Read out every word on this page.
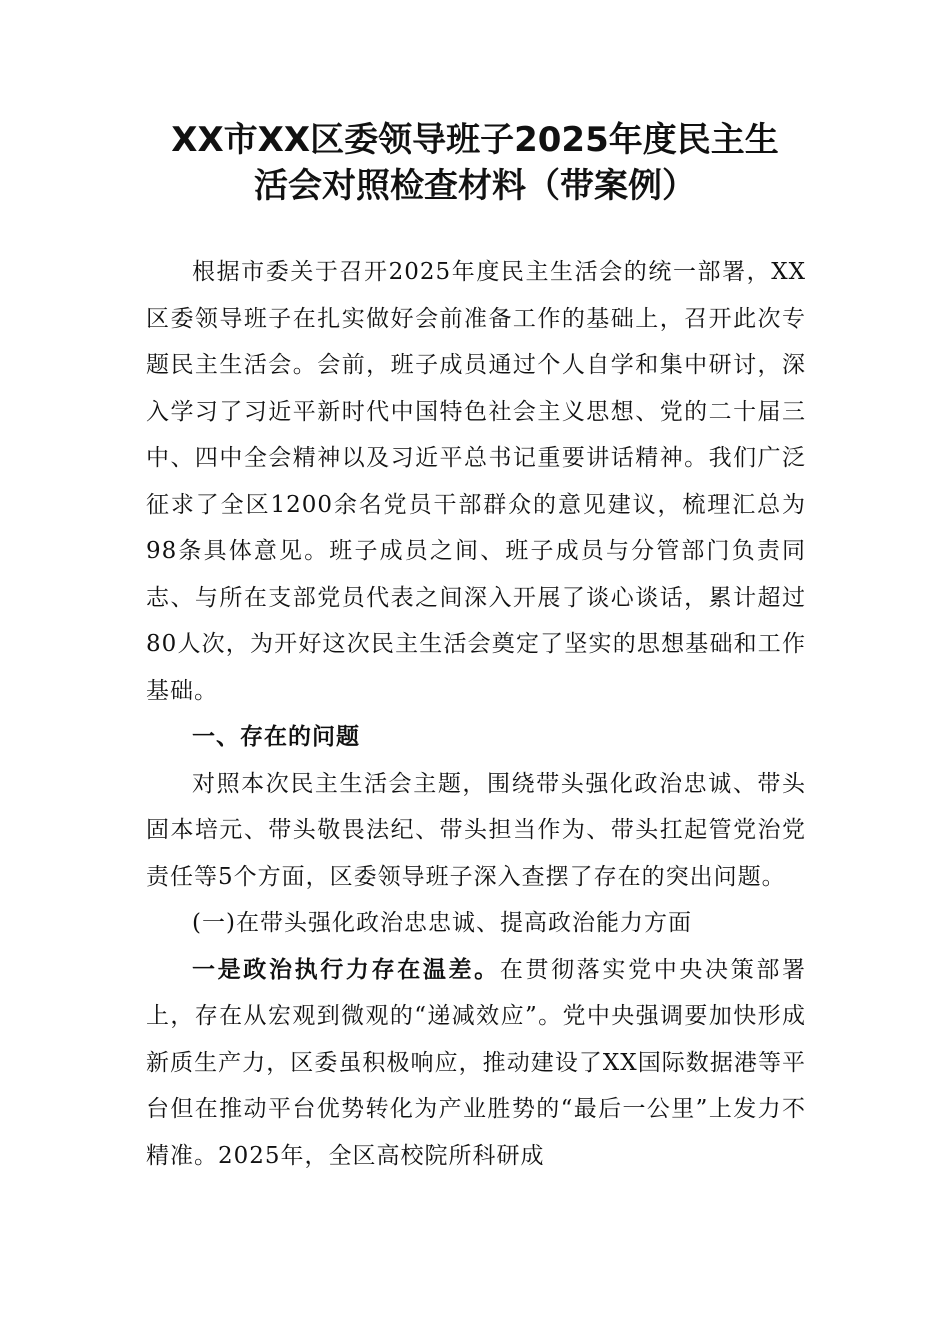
XX市XX区委领导班子2025年度民主生
活会对照检查材料（带案例）

根据市委关于召开2025年度民主生活会的统一部署，XX区委领导班子在扎实做好会前准备工作的基础上，召开此次专题民主生活会。会前，班子成员通过个人自学和集中研讨，深入学习了习近平新时代中国特色社会主义思想、党的二十届三中、四中全会精神以及习近平总书记重要讲话精神。我们广泛征求了全区1200余名党员干部群众的意见建议，梳理汇总为98条具体意见。班子成员之间、班子成员与分管部门负责同志、与所在支部党员代表之间深入开展了谈心谈话，累计超过80人次，为开好这次民主生活会奠定了坚实的思想基础和工作基础。

一、存在的问题

对照本次民主生活会主题，围绕带头强化政治忠诚、带头固本培元、带头敬畏法纪、带头担当作为、带头扛起管党治党责任等5个方面，区委领导班子深入查摆了存在的突出问题。

(一)在带头强化政治忠忠诚、提高政治能力方面

一是政治执行力存在温差。在贯彻落实党中央决策部署上，存在从宏观到微观的“递减效应”。党中央强调要加快形成新质生产力，区委虽积极响应，推动建设了XX国际数据港等平台但在推动平台优势转化为产业胜势的“最后一公里”上发力不精准。2025年，全区高校院所科研成
